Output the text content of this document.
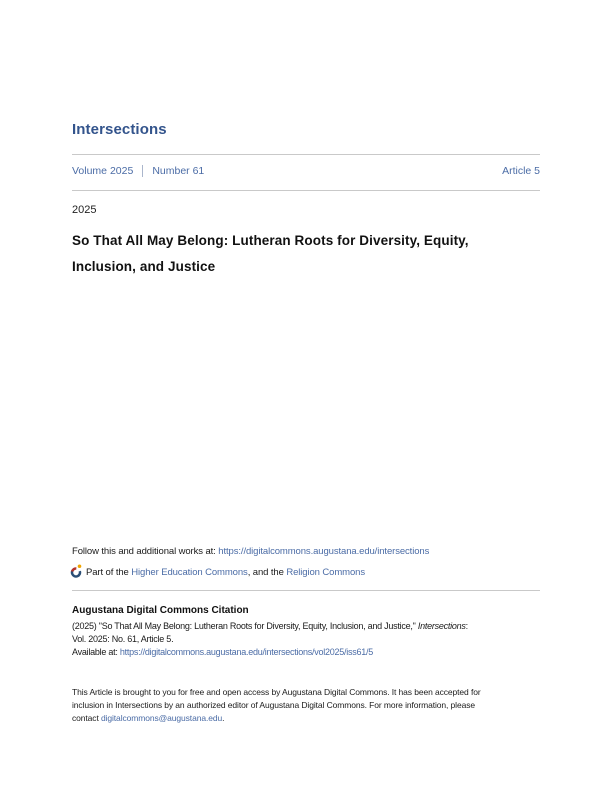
Intersections
Volume 2025 Number 61	Article 5
2025
So That All May Belong: Lutheran Roots for Diversity, Equity,
Inclusion, and Justice
Follow this and additional works at: https://digitalcommons.augustana.edu/intersections
Part of the Higher Education Commons, and the Religion Commons
Augustana Digital Commons Citation
(2025) "So That All May Belong: Lutheran Roots for Diversity, Equity, Inclusion, and Justice," Intersections:
Vol. 2025: No. 61, Article 5.
Available at: https://digitalcommons.augustana.edu/intersections/vol2025/iss61/5
This Article is brought to you for free and open access by Augustana Digital Commons. It has been accepted for
inclusion in Intersections by an authorized editor of Augustana Digital Commons. For more information, please
contact digitalcommons@augustana.edu.
